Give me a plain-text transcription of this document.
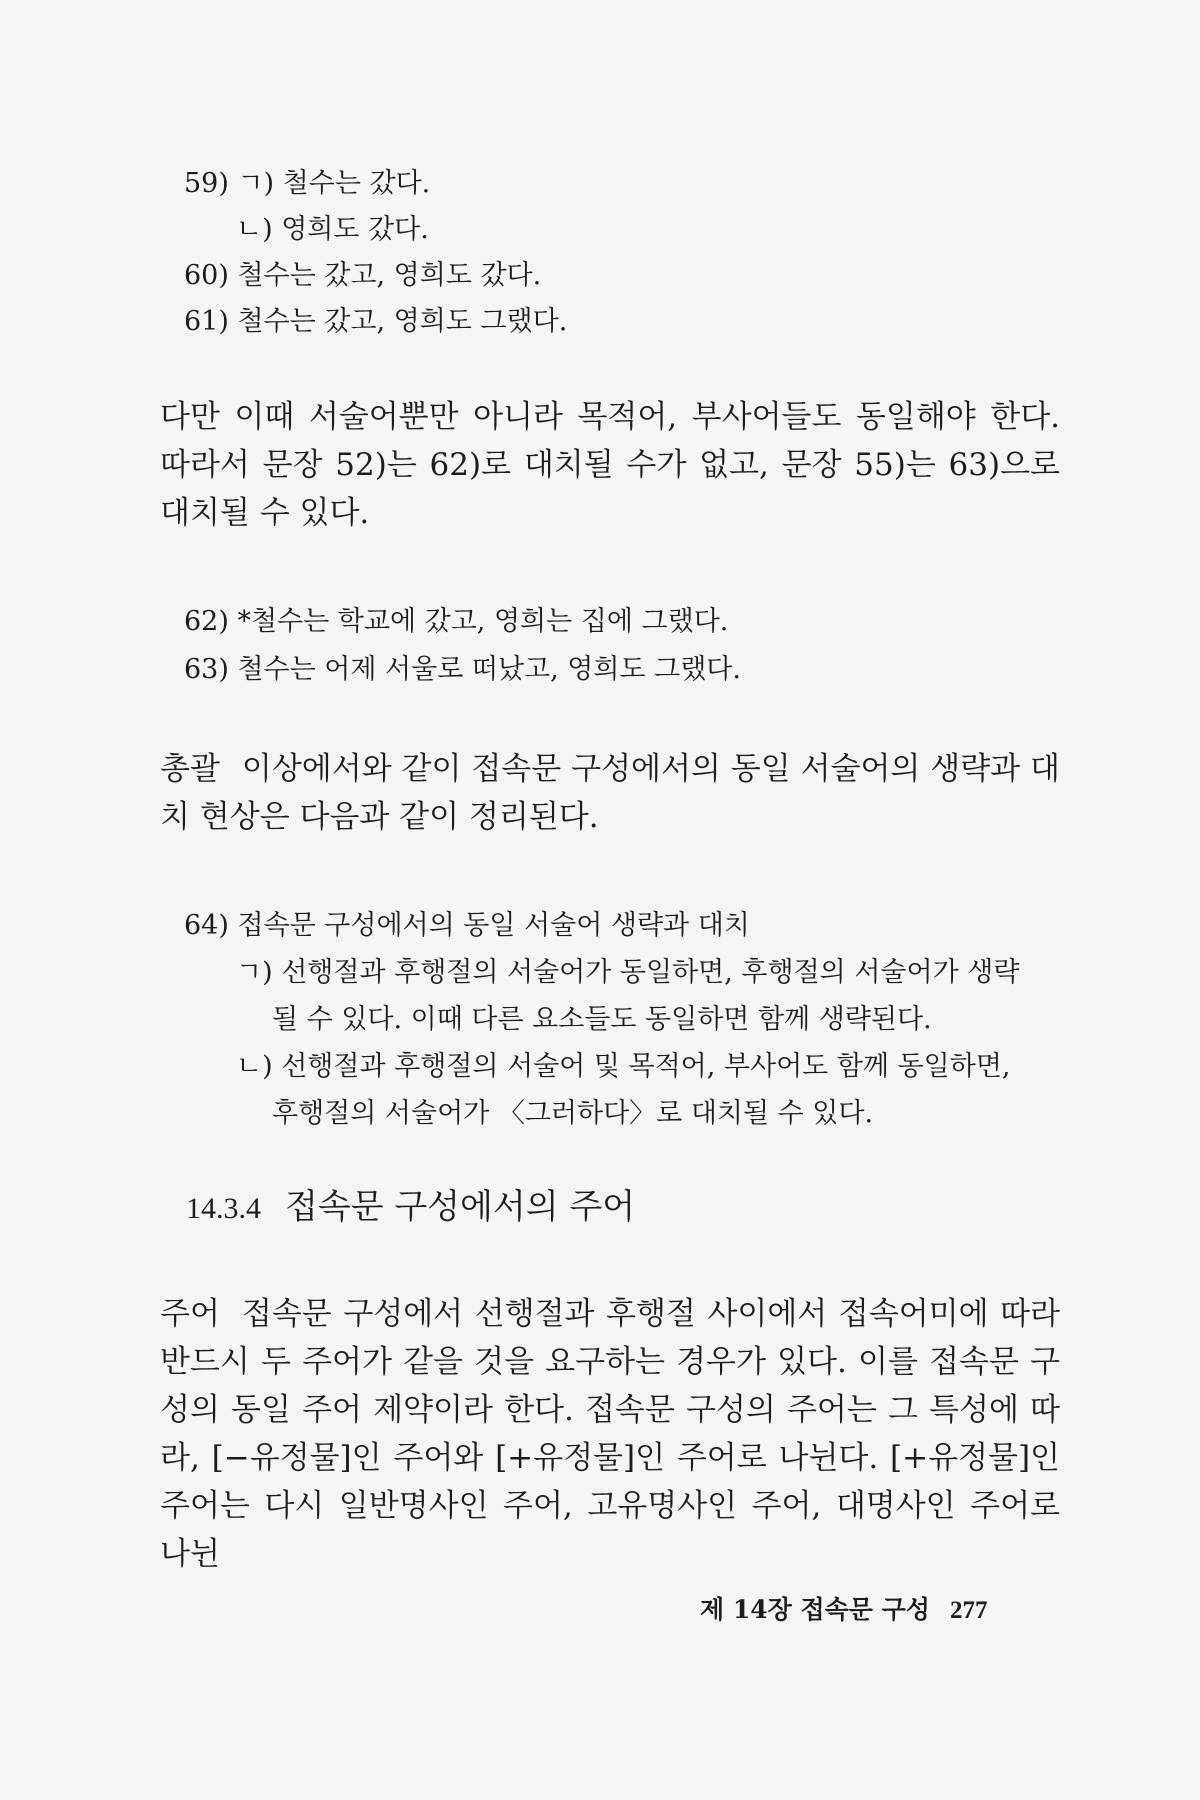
59) ㄱ) 철수는 갔다.
ㄴ) 영희도 갔다.
60) 철수는 갔고, 영희도 갔다.
61) 철수는 갔고, 영희도 그랬다.

다만 이때 서술어뿐만 아니라 목적어, 부사어들도 동일해야 한다. 따라서 문장 52)는 62)로 대치될 수가 없고, 문장 55)는 63)으로 대치될 수 있다.

62) *철수는 학교에 갔고, 영희는 집에 그랬다.
63) 철수는 어제 서울로 떠났고, 영희도 그랬다.

총괄 이상에서와 같이 접속문 구성에서의 동일 서술어의 생략과 대치 현상은 다음과 같이 정리된다.

64) 접속문 구성에서의 동일 서술어 생략과 대치
ㄱ) 선행절과 후행절의 서술어가 동일하면, 후행절의 서술어가 생략
될 수 있다. 이때 다른 요소들도 동일하면 함께 생략된다.
ㄴ) 선행절과 후행절의 서술어 및 목적어, 부사어도 함께 동일하면,
후행절의 서술어가 〈그러하다〉로 대치될 수 있다.
14.3.4 접속문 구성에서의 주어

주어 접속문 구성에서 선행절과 후행절 사이에서 접속어미에 따라 반드시 두 주어가 같을 것을 요구하는 경우가 있다. 이를 접속문 구성의 동일 주어 제약이라 한다. 접속문 구성의 주어는 그 특성에 따라, [−유정물]인 주어와 [+유정물]인 주어로 나뉜다. [+유정물]인 주어는 다시 일반명사인 주어, 고유명사인 주어, 대명사인 주어로 나뉜

제 14장 접속문 구성 277
